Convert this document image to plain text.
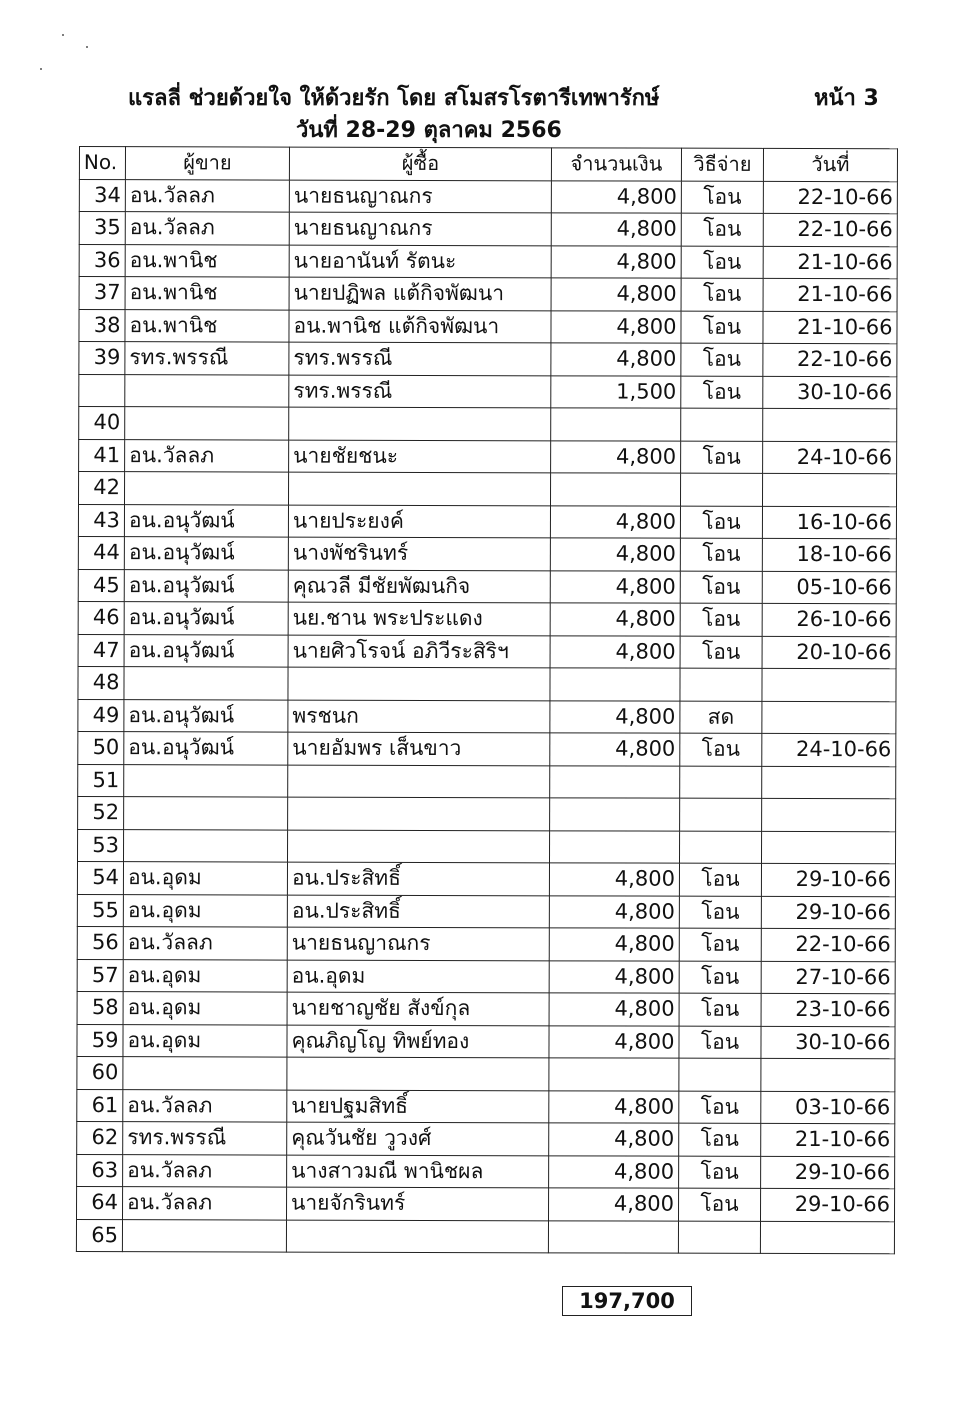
แรลลี่ ช่วยด้วยใจ ให้ด้วยรัก โดย สโมสรโรตารีเทพารักษ์	หน้า 3
วันที่ 28-29 ตุลาคม 2566
No.	ผู้ขาย	ผู้ซื้อ	จำนวนเงิน	วิธีจ่าย	วันที่
34	อน.วัลลภ	นายธนญาณกร	4,800	โอน	22-10-66
35	อน.วัลลภ	นายธนญาณกร	4,800	โอน	22-10-66
36	อน.พานิช	นายอานันท์ รัตนะ	4,800	โอน	21-10-66
37	อน.พานิช	นายปฏิพล แต้กิจพัฒนา	4,800	โอน	21-10-66
38	อน.พานิช	อน.พานิช แต้กิจพัฒนา	4,800	โอน	21-10-66
39	รทร.พรรณี	รทร.พรรณี	4,800	โอน	22-10-66
		รทร.พรรณี	1,500	โอน	30-10-66
40					
41	อน.วัลลภ	นายชัยชนะ	4,800	โอน	24-10-66
42					
43	อน.อนุวัฒน์	นายประยงค์	4,800	โอน	16-10-66
44	อน.อนุวัฒน์	นางพัชรินทร์	4,800	โอน	18-10-66
45	อน.อนุวัฒน์	คุณวลี มีชัยพัฒนกิจ	4,800	โอน	05-10-66
46	อน.อนุวัฒน์	นย.ชาน พระประแดง	4,800	โอน	26-10-66
47	อน.อนุวัฒน์	นายศิวโรจน์ อภิวีระสิริฯ	4,800	โอน	20-10-66
48					
49	อน.อนุวัฒน์	พรชนก	4,800	สด	
50	อน.อนุวัฒน์	นายอัมพร เส็นขาว	4,800	โอน	24-10-66
51					
52					
53					
54	อน.อุดม	อน.ประสิทธิ์	4,800	โอน	29-10-66
55	อน.อุดม	อน.ประสิทธิ์	4,800	โอน	29-10-66
56	อน.วัลลภ	นายธนญาณกร	4,800	โอน	22-10-66
57	อน.อุดม	อน.อุดม	4,800	โอน	27-10-66
58	อน.อุดม	นายชาญชัย สังข์กุล	4,800	โอน	23-10-66
59	อน.อุดม	คุณภิญโญ ทิพย์ทอง	4,800	โอน	30-10-66
60					
61	อน.วัลลภ	นายปฐมสิทธิ์	4,800	โอน	03-10-66
62	รทร.พรรณี	คุณวันชัย วูวงศ์	4,800	โอน	21-10-66
63	อน.วัลลภ	นางสาวมณี พานิชผล	4,800	โอน	29-10-66
64	อน.วัลลภ	นายจักรินทร์	4,800	โอน	29-10-66
65					
197,700
